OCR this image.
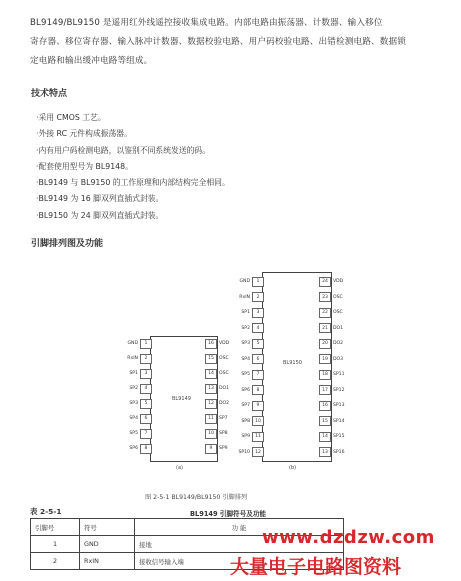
BL9149/BL9150 是遥用红外线遥控接收集成电路。内部电路由振荡器、计数器、输入移位

寄存器、移位寄存器、输入脉冲计数器、数据校验电路、用户码校验电路、出错检测电路、数据锁

定电路和输出缓冲电路等组成。

技术特点
·采用 CMOS 工艺。
·外接 RC 元件构成振荡器。
·内有用户码检测电路，以鉴别不同系统发送的码。
·配套使用型号为 BL9148。
·BL9149 与 BL9150 的工作原理和内部结构完全相同。
·BL9149 为 16 脚双列直插式封装。
·BL9150 为 24 脚双列直插式封装。
引脚排列图及功能
BL9149
(a)
GND	1
RxIN	2
SP1	3
SP2	4
SP3	5
SP4	6
SP5	7
SP6	8
16	VDD
15	OSC
14	OSC
13	DO1
12	DO2
11	SP7
10	SP8
9	SP9
BL9150
(b)
GND	1
RxIN	2
SP1	3
SP2	4
SP3	5
SP4	6
SP5	7
SP6	8
SP7	9
SP8	10
SP9	11
SP10	12
24	VDD
23	OSC
22	OSC
21	DO1
20	DO2
19	DO3
18	SP11
17	SP12
16	SP13
15	SP14
14	SP15
13	SP16
图 2-5-1 BL9149/BL9150 引脚排列
表 2-5-1	BL9149 引脚符号及功能
引脚号	符号	功 能
1	GND	接地
2	RxIN	接收信号输入端
www.dzdzw.com
大量电子电路图资料
